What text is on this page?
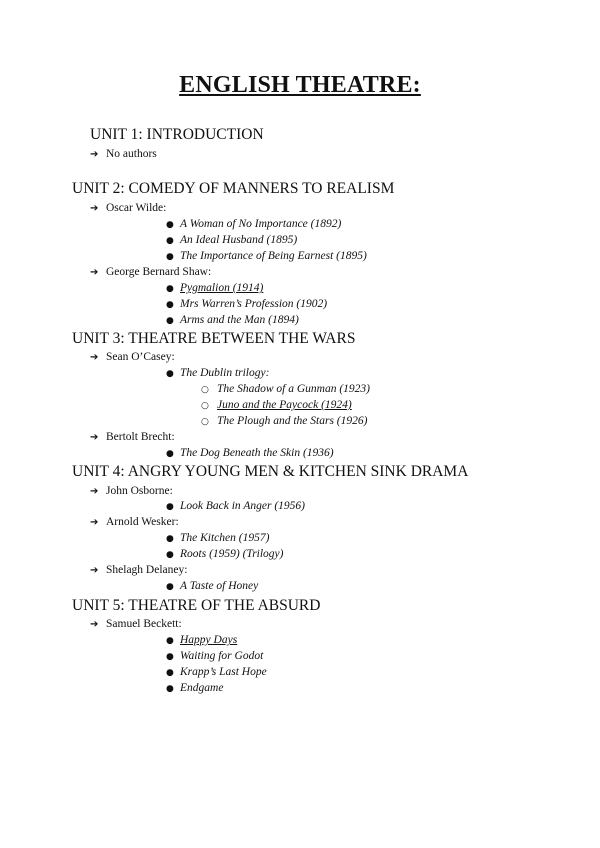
ENGLISH THEATRE:
UNIT 1: INTRODUCTION
➔ No authors
UNIT 2: COMEDY OF MANNERS TO REALISM
➔ Oscar Wilde:
● A Woman of No Importance (1892)
● An Ideal Husband (1895)
● The Importance of Being Earnest (1895)
➔ George Bernard Shaw:
● Pygmalion (1914)
● Mrs Warren’s Profession (1902)
● Arms and the Man (1894)
UNIT 3: THEATRE BETWEEN THE WARS
➔ Sean O’Casey:
● The Dublin trilogy:
○ The Shadow of a Gunman (1923)
○ Juno and the Paycock (1924)
○ The Plough and the Stars (1926)
➔ Bertolt Brecht:
● The Dog Beneath the Skin (1936)
UNIT 4: ANGRY YOUNG MEN & KITCHEN SINK DRAMA
➔ John Osborne:
● Look Back in Anger (1956)
➔ Arnold Wesker:
● The Kitchen (1957)
● Roots (1959) (Trilogy)
➔ Shelagh Delaney:
● A Taste of Honey
UNIT 5: THEATRE OF THE ABSURD
➔ Samuel Beckett:
● Happy Days
● Waiting for Godot
● Krapp’s Last Hope
● Endgame
